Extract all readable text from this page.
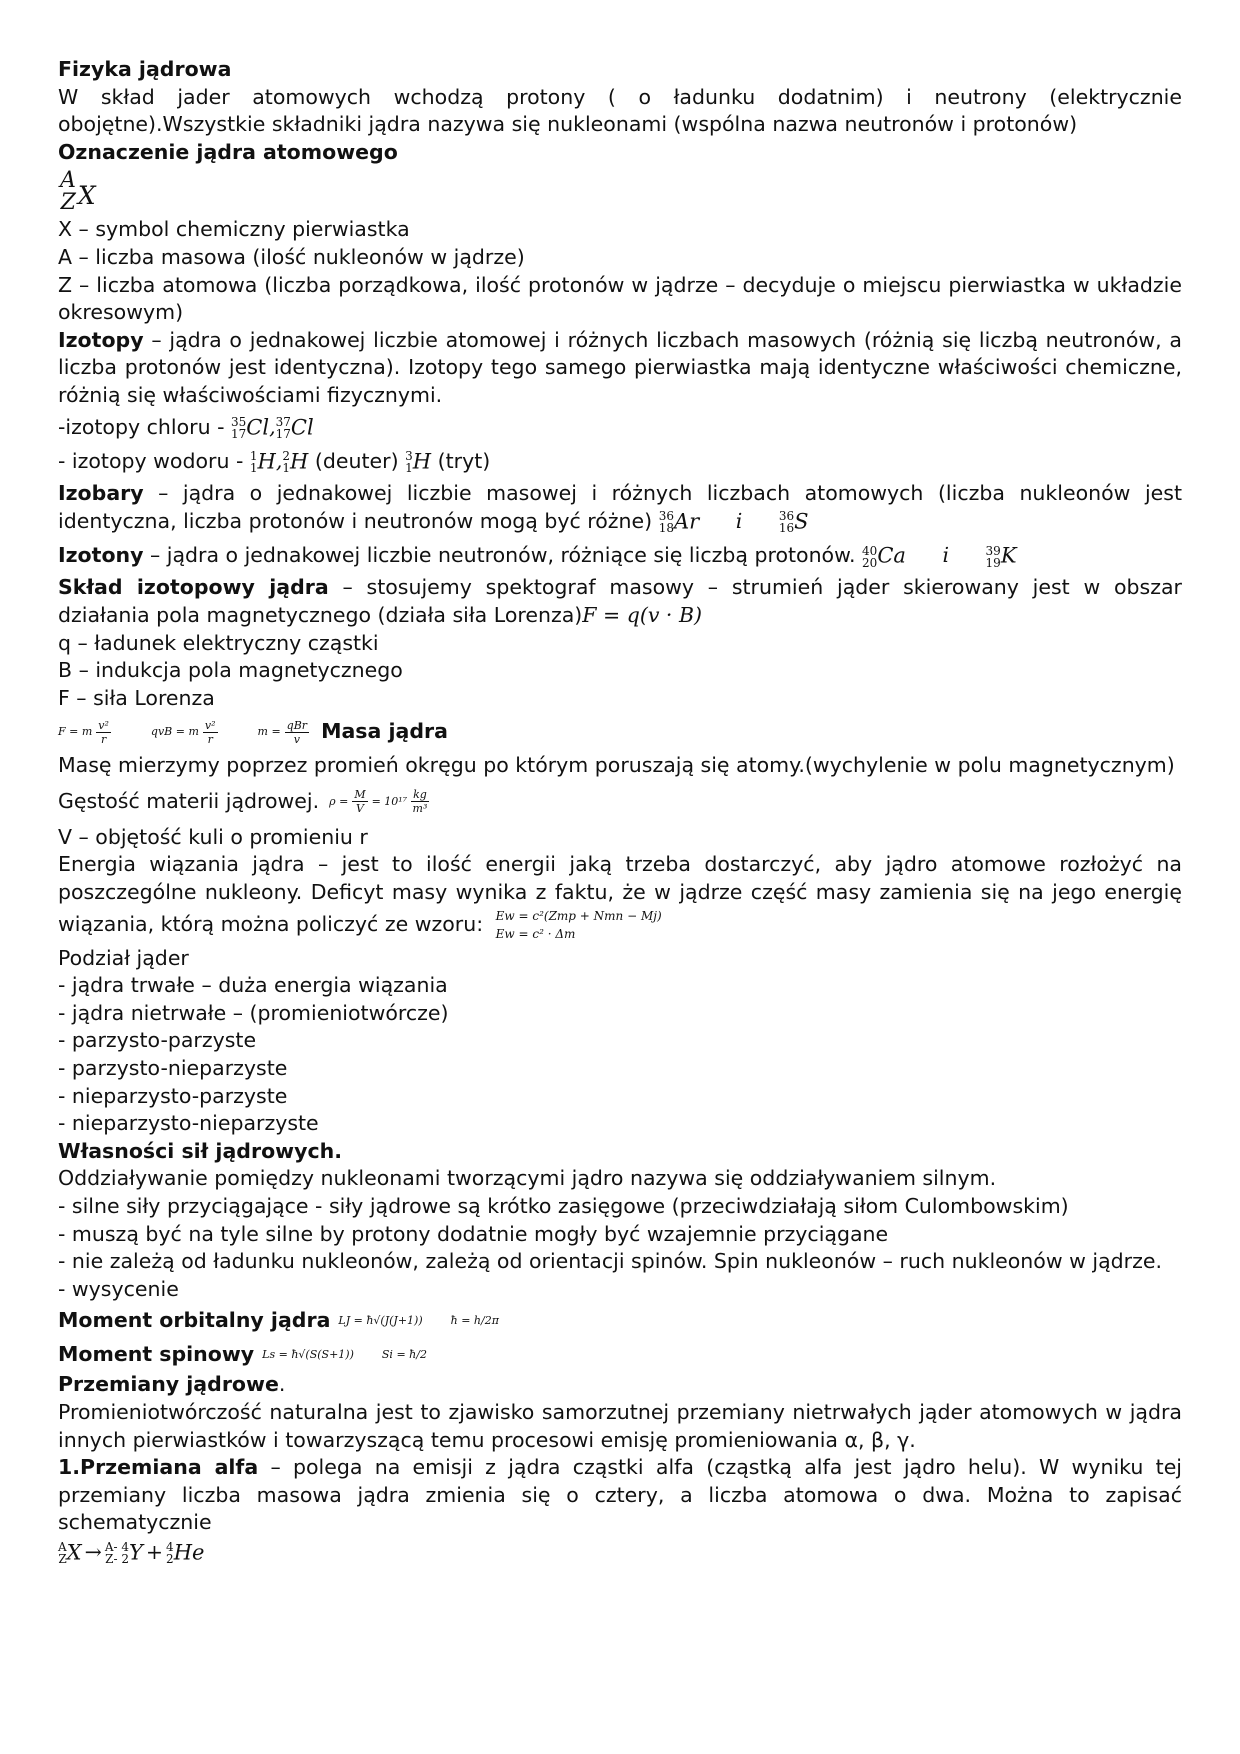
Fizyka jądrowa

W skład jader atomowych wchodzą protony ( o ładunku dodatnim) i neutrony (elektrycznie obojętne).Wszystkie składniki jądra nazywa się nukleonami (wspólna nazwa neutronów i protonów)

Oznaczenie jądra atomowego

A
Z X

X – symbol chemiczny pierwiastka

A – liczba masowa (ilość nukleonów w jądrze)

Z – liczba atomowa (liczba porządkowa, ilość protonów w jądrze – decyduje o miejscu pierwiastka w układzie okresowym)

Izotopy – jądra o jednakowej liczbie atomowej i różnych liczbach masowych (różnią się liczbą neutronów, a liczba protonów jest identyczna). Izotopy tego samego pierwiastka mają identyczne właściwości chemiczne, różnią się właściwościami fizycznymi.

-izotopy chloru - 35
17 Cl, 37
17 Cl

- izotopy wodoru - 1
1 H, 2
1 H (deuter) 3
1 H (tryt)

Izobary – jądra o jednakowej liczbie masowej i różnych liczbach atomowych (liczba nukleonów jest identyczna, liczba protonów i neutronów mogą być różne) 36
18 Ar i	36
16 S

Izotony – jądra o jednakowej liczbie neutronów, różniące się liczbą protonów. 40
20 Ca i	39
19 K

Skład izotopowy jądra – stosujemy spektograf masowy – strumień jąder skierowany jest w obszar działania pola magnetycznego (działa siła Lorenza)F = q(v · B)

q – ładunek elektryczny cząstki

B – indukcja pola magnetycznego

F – siła Lorenza

F = m $\frac{\text{v²}}{r}$	qvB = m $\frac{\text{v²}}{r}$	$m = \frac{\text{qBr}}{v}$ Masa jądra

Masę mierzymy poprzez promień okręgu po którym poruszają się atomy.(wychylenie w polu magnetycznym)

Gęstość materii jądrowej. $\rho = \frac{M}{V} = 10^{17} \frac{kg}{\text{m³}}$

V – objętość kuli o promieniu r

Energia wiązania jądra – jest to ilość energii jaką trzeba dostarczyć, aby jądro atomowe rozłożyć na poszczególne nukleony. Deficyt masy wynika z faktu, że w jądrze część masy zamienia się na jego energię wiązania, którą można policzyć ze wzoru: Ew = c²(Zmp + Nmn − Mj)
Ew = c² · Δm

Podział jąder

- jądra trwałe – duża energia wiązania

- jądra nietrwałe – (promieniotwórcze)

- parzysto-parzyste

- parzysto-nieparzyste

- nieparzysto-parzyste

- nieparzysto-nieparzyste

Własności sił jądrowych.

Oddziaływanie pomiędzy nukleonami tworzącymi jądro nazywa się oddziaływaniem silnym.

- silne siły przyciągające - siły jądrowe są krótko zasięgowe (przeciwdziałają siłom Culombowskim)

- muszą być na tyle silne by protony dodatnie mogły być wzajemnie przyciągane

- nie zależą od ładunku nukleonów, zależą od orientacji spinów. Spin nukleonów – ruch nukleonów w jądrze.

- wysycenie

Moment orbitalny jądra LJ = ħ√(J(J+1))	ħ = h/2π
Moment spinowy Ls = ħ√(S(S+1))	Si = ħ/2

Przemiany jądrowe.

Promieniotwórczość naturalna jest to zjawisko samorzutnej przemiany nietrwałych jąder atomowych w jądra innych pierwiastków i towarzyszącą temu procesowi emisję promieniowania α, β, γ.

1.Przemiana alfa – polega na emisji z jądra cząstki alfa (cząstką alfa jest jądro helu). W wyniku tej przemiany liczba masowa jądra zmienia się o cztery, a liczba atomowa o dwa. Można to zapisać schematycznie

A
Z X → A- 4
Z- 2 Y + 4
2 He
